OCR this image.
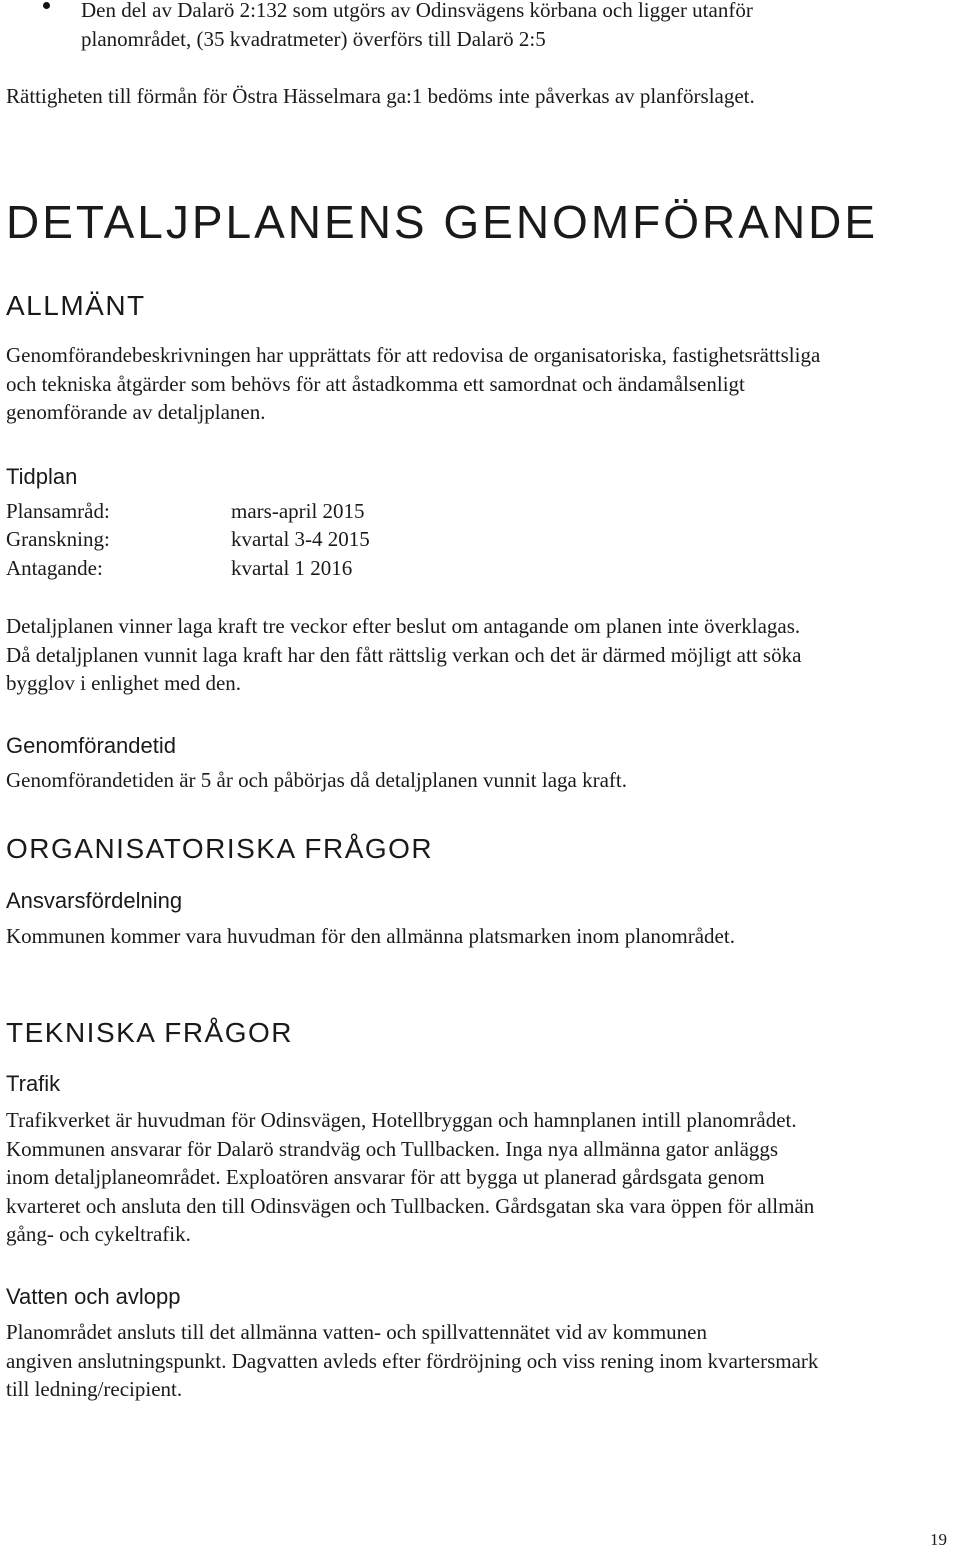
Den del av Dalarö 2:132 som utgörs av Odinsvägens körbana och ligger utanför

planområdet, (35 kvadratmeter) överförs till Dalarö 2:5

Rättigheten till förmån för Östra Hässelmara ga:1 bedöms inte påverkas av planförslaget.

DETALJPLANENS GENOMFÖRANDE
ALLMÄNT

Genomförandebeskrivningen har upprättats för att redovisa de organisatoriska, fastighetsrättsliga

och tekniska åtgärder som behövs för att åstadkomma ett samordnat och ändamålsenligt

genomförande av detaljplanen.

Tidplan
Plansamråd:	mars-april 2015
Granskning:	kvartal 3-4 2015
Antagande:	kvartal 1 2016

Detaljplanen vinner laga kraft tre veckor efter beslut om antagande om planen inte överklagas.

Då detaljplanen vunnit laga kraft har den fått rättslig verkan och det är därmed möjligt att söka

bygglov i enlighet med den.

Genomförandetid

Genomförandetiden är 5 år och påbörjas då detaljplanen vunnit laga kraft.

ORGANISATORISKA FRÅGOR
Ansvarsfördelning

Kommunen kommer vara huvudman för den allmänna platsmarken inom planområdet.

TEKNISKA FRÅGOR
Trafik

Trafikverket är huvudman för Odinsvägen, Hotellbryggan och hamnplanen intill planområdet.

Kommunen ansvarar för Dalarö strandväg och Tullbacken. Inga nya allmänna gator anläggs

inom detaljplaneområdet. Exploatören ansvarar för att bygga ut planerad gårdsgata genom

kvarteret och ansluta den till Odinsvägen och Tullbacken. Gårdsgatan ska vara öppen för allmän

gång- och cykeltrafik.

Vatten och avlopp

Planområdet ansluts till det allmänna vatten- och spillvattennätet vid av kommunen

angiven anslutningspunkt. Dagvatten avleds efter fördröjning och viss rening inom kvartersmark

till ledning/recipient.

19
